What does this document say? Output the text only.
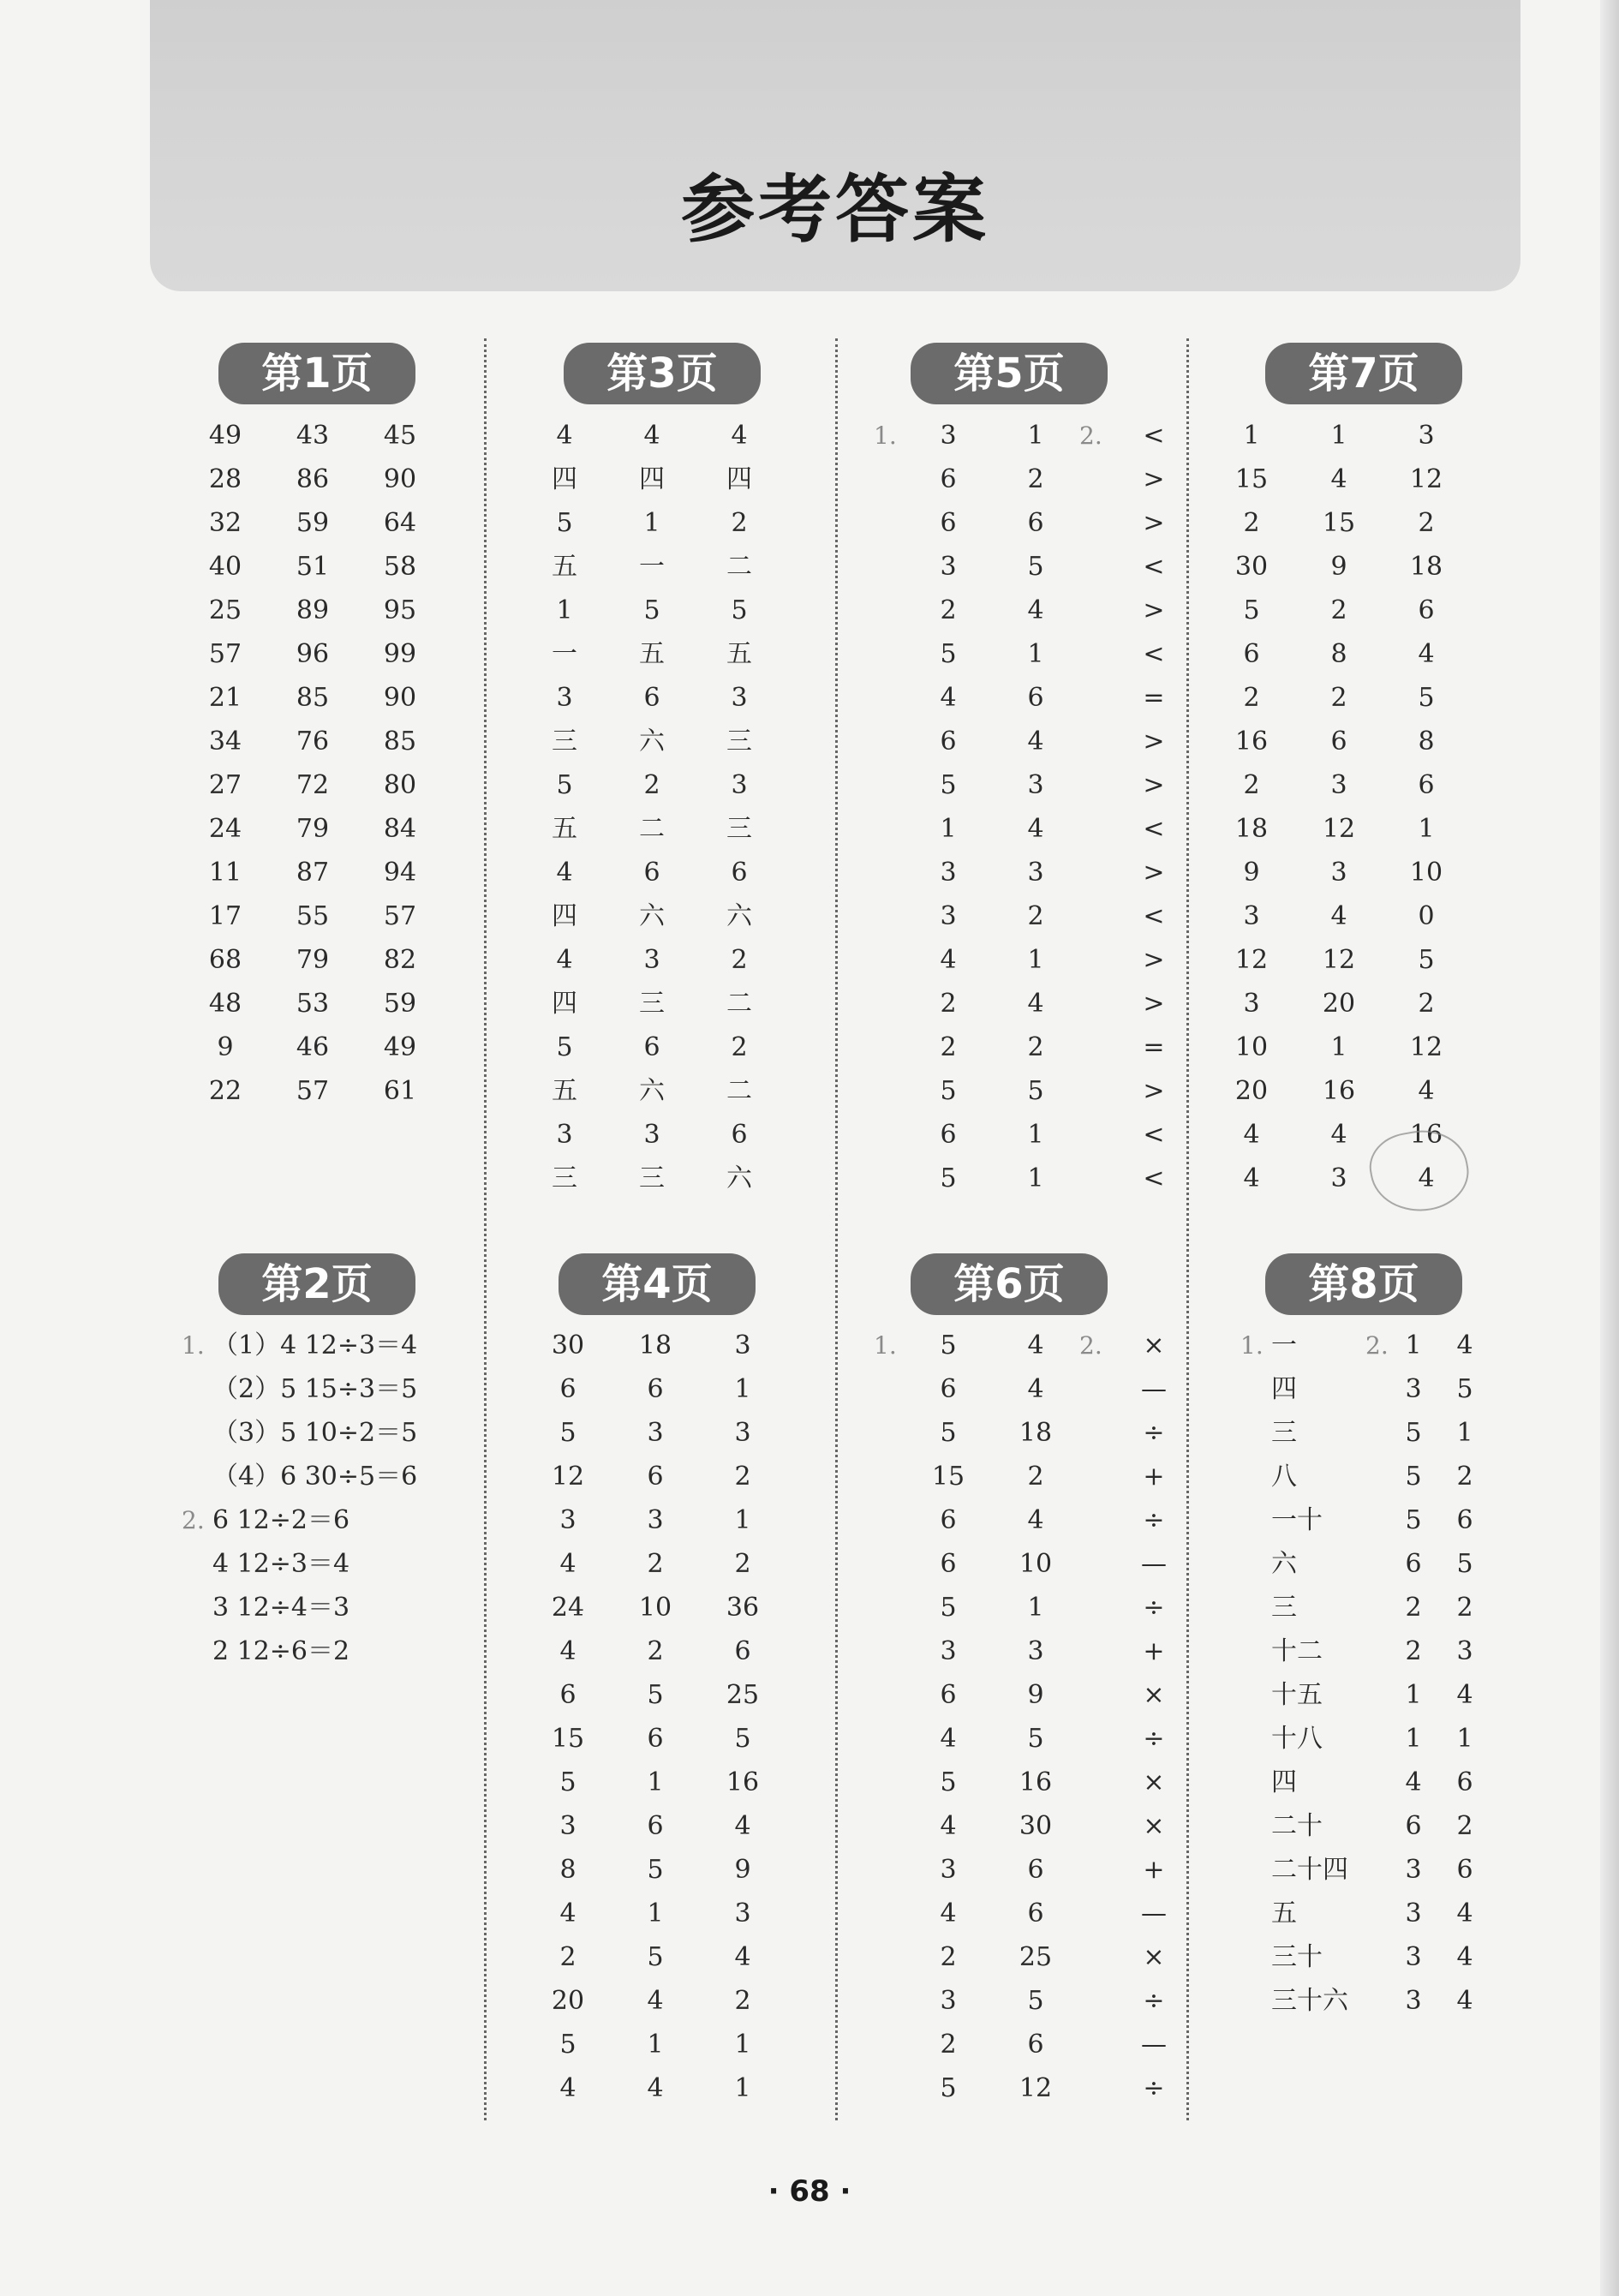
参考答案
第1页	第3页	第5页	第7页
第2页	第4页	第6页	第8页
49	43	45
28	86	90
32	59	64
40	51	58
25	89	95
57	96	99
21	85	90
34	76	85
27	72	80
24	79	84
11	87	94
17	55	57
68	79	82
48	53	59
9	46	49
22	57	61
4	4	4
四	四	四
5	1	2
五	一	二
1	5	5
一	五	五
3	6	3
三	六	三
5	2	3
五	二	三
4	6	6
四	六	六
4	3	2
四	三	二
5	6	2
五	六	二
3	3	6
三	三	六
1.	3	1	2.	<
	6	2		>
	6	6		>
	3	5		<
	2	4		>
	5	1		<
	4	6		=
	6	4		>
	5	3		>
	1	4		<
	3	3		>
	3	2		<
	4	1		>
	2	4		>
	2	2		=
	5	5		>
	6	1		<
	5	1		<
1	1	3
15	4	12
2	15	2
30	9	18
5	2	6
6	8	4
2	2	5
16	6	8
2	3	6
18	12	1
9	3	10
3	4	0
12	12	5
3	20	2
10	1	12
20	16	4
4	4	16
4	3	4
1. （1）4 12÷3＝4
（2）5 15÷3＝5
（3）5 10÷2＝5
（4）6 30÷5＝6
2. 6 12÷2＝6
4 12÷3＝4
3 12÷4＝3
2 12÷6＝2
30	18	3
6	6	1
5	3	3
12	6	2
3	3	1
4	2	2
24	10	36
4	2	6
6	5	25
15	6	5
5	1	16
3	6	4
8	5	9
4	1	3
2	5	4
20	4	2
5	1	1
4	4	1
1.	5	4	2.	×
	6	4		—
	5	18		÷
	15	2		+
	6	4		÷
	6	10		—
	5	1		÷
	3	3		+
	6	9		×
	4	5		÷
	5	16		×
	4	30		×
	3	6		+
	4	6		—
	2	25		×
	3	5		÷
	2	6		—
	5	12		÷
1.	一	2.	1	4
	四		3	5
	三		5	1
	八		5	2
	一十		5	6
	六		6	5
	三		2	2
	十二		2	3
	十五		1	4
	十八		1	1
	四		4	6
	二十		6	2
	二十四		3	6
	五		3	4
	三十		3	4
	三十六		3	4
· 68 ·
